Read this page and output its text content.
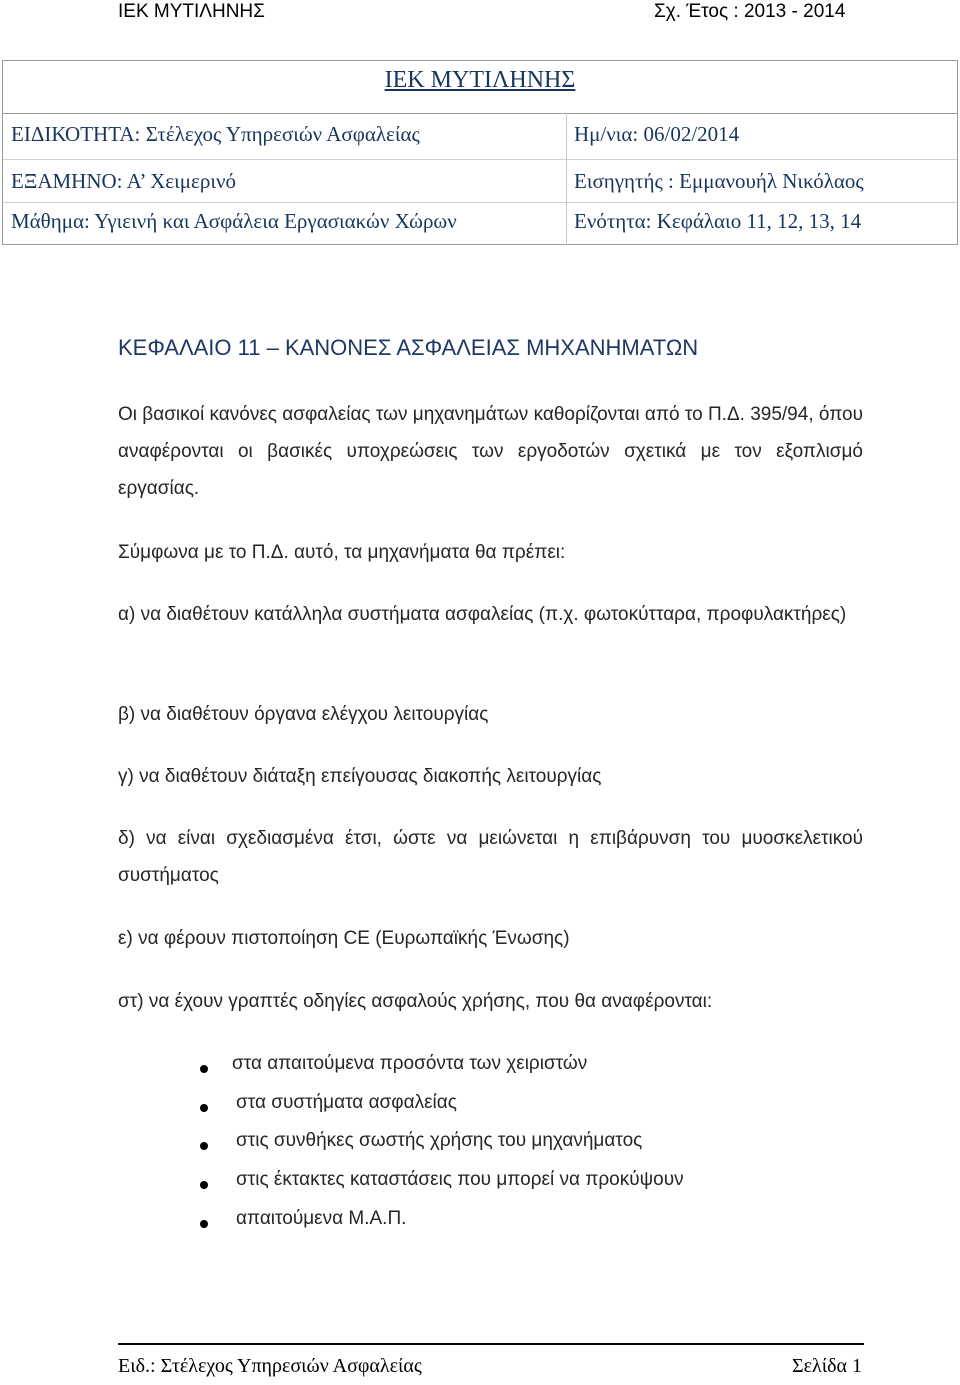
ΙΕΚ ΜΥΤΙΛΗΝΗΣ	Σχ. Έτος : 2013 - 2014
ΙΕΚ ΜΥΤΙΛΗΝΗΣ
ΕΙΔΙΚΟΤΗΤΑ: Στέλεχος Υπηρεσιών Ασφαλείας	Ημ/νια: 06/02/2014
ΕΞΑΜΗΝΟ: Α’ Χειμερινό	Εισηγητής : Εμμανουήλ Νικόλαος
Μάθημα: Υγιεινή και Ασφάλεια Εργασιακών Χώρων	Ενότητα: Κεφάλαιο 11, 12, 13, 14
ΚΕΦΑΛΑΙΟ 11 – ΚΑΝΟΝΕΣ ΑΣΦΑΛΕΙΑΣ ΜΗΧΑΝΗΜΑΤΩΝ
Οι βασικοί κανόνες ασφαλείας των μηχανημάτων καθορίζονται από το Π.Δ. 395/94, όπου αναφέρονται οι βασικές υποχρεώσεις των εργοδοτών σχετικά με τον εξοπλισμό εργασίας.
Σύμφωνα με το Π.Δ. αυτό, τα μηχανήματα θα πρέπει:
α) να διαθέτουν κατάλληλα συστήματα ασφαλείας (π.χ. φωτοκύτταρα, προφυλακτήρες)
β) να διαθέτουν όργανα ελέγχου λειτουργίας
γ) να διαθέτουν διάταξη επείγουσας διακοπής λειτουργίας
δ) να είναι σχεδιασμένα έτσι, ώστε να μειώνεται η επιβάρυνση του μυοσκελετικού συστήματος
ε) να φέρουν πιστοποίηση CE (Ευρωπαϊκής Ένωσης)
στ) να έχουν γραπτές οδηγίες ασφαλούς χρήσης, που θα αναφέρονται:
στα απαιτούμενα προσόντα των χειριστών
στα συστήματα ασφαλείας
στις συνθήκες σωστής χρήσης του μηχανήματος
στις έκτακτες καταστάσεις που μπορεί να προκύψουν
απαιτούμενα Μ.Α.Π.
Ειδ.: Στέλεχος Υπηρεσιών Ασφαλείας	Σελίδα 1
